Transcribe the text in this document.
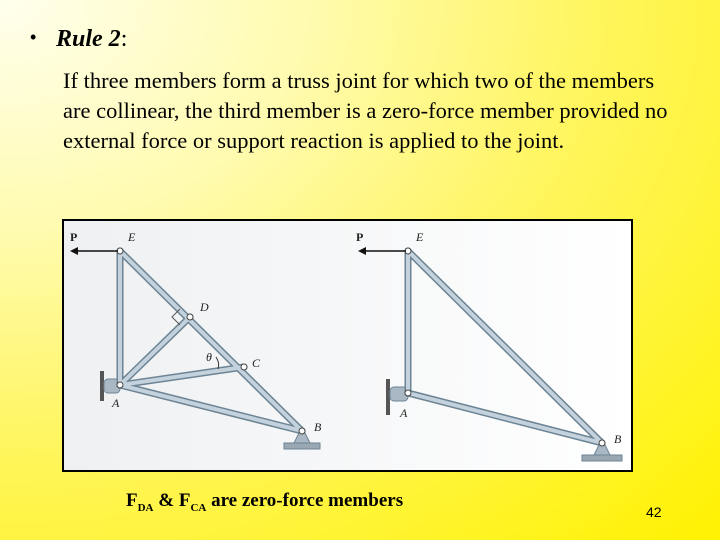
• Rule 2:
If three members form a truss joint for which two of the members are collinear, the third member is a zero-force member provided no external force or support reaction is applied to the joint.
P	E
D
C
A
B
θ
P	E
A
B
$F_{DA}$ & $F_{CA}$ are zero-force members
42
